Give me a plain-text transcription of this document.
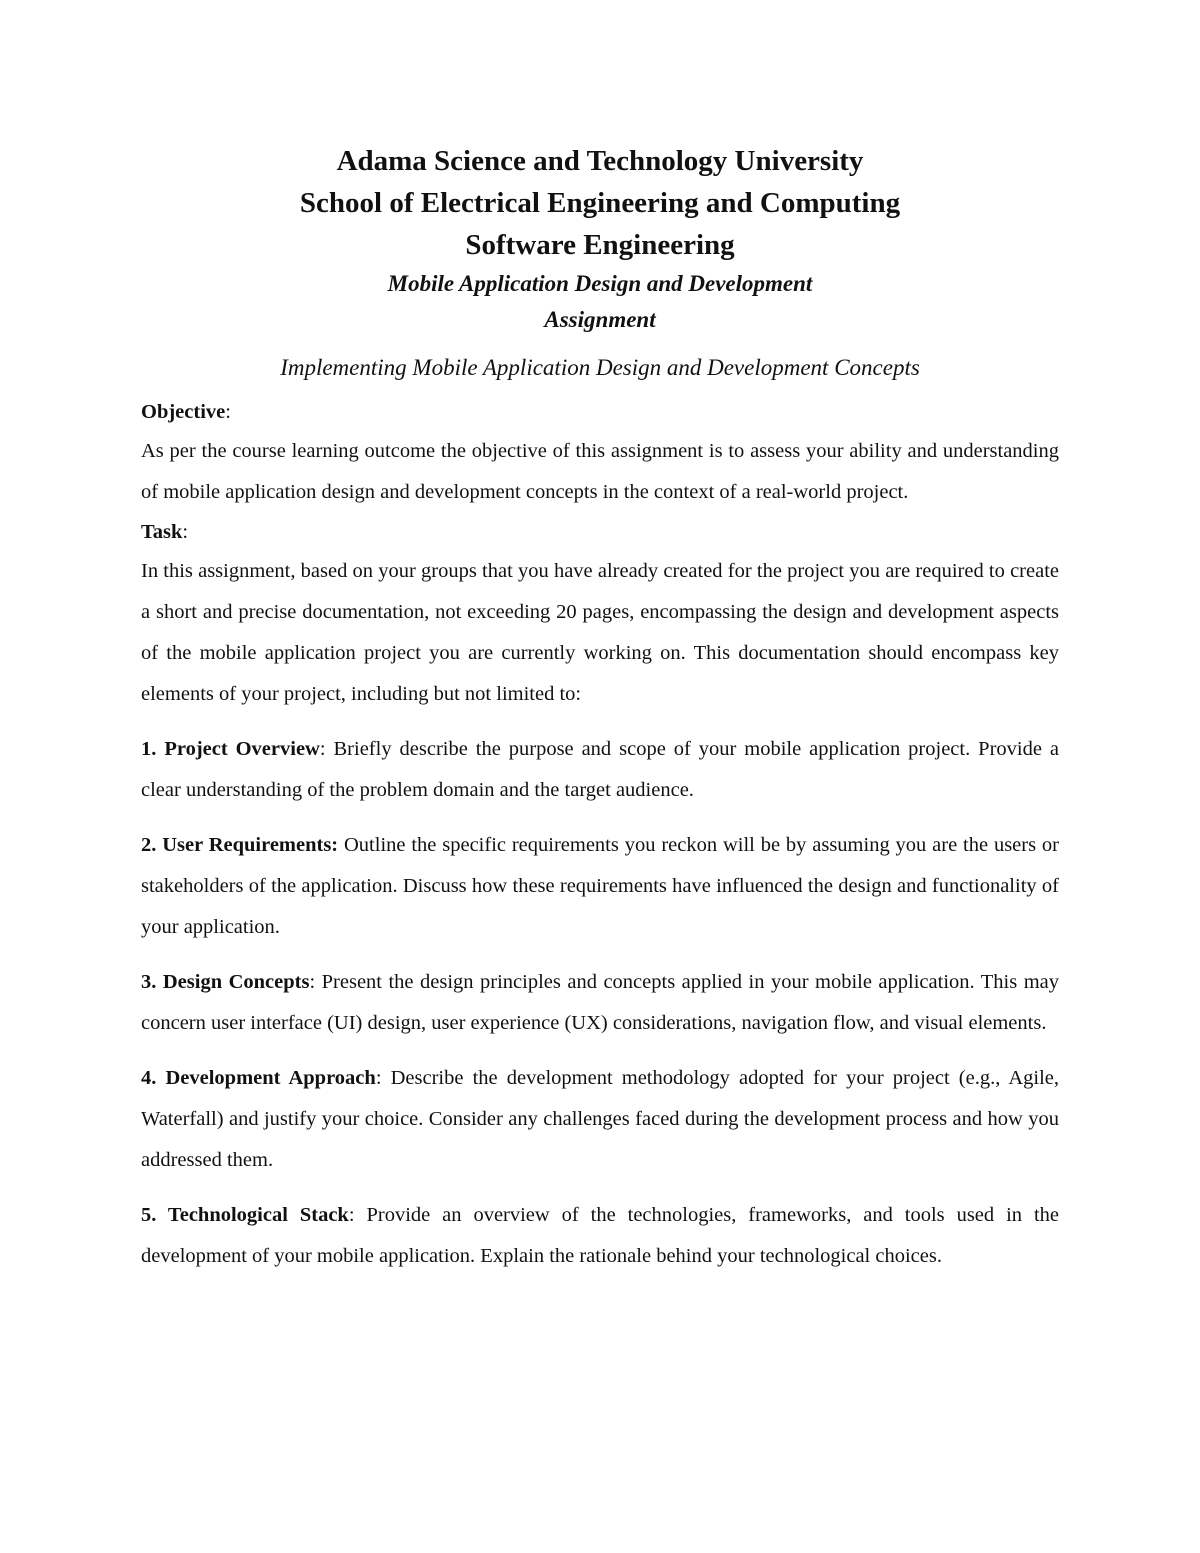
Adama Science and Technology University

School of Electrical Engineering and Computing

Software Engineering

Mobile Application Design and Development

Assignment

Implementing Mobile Application Design and Development Concepts

Objective:

As per the course learning outcome the objective of this assignment is to assess your ability and understanding of mobile application design and development concepts in the context of a real-world project.

Task:

In this assignment, based on your groups that you have already created for the project you are required to create a short and precise documentation, not exceeding 20 pages, encompassing the design and development aspects of the mobile application project you are currently working on. This documentation should encompass key elements of your project, including but not limited to:

1. Project Overview: Briefly describe the purpose and scope of your mobile application project. Provide a clear understanding of the problem domain and the target audience.

2. User Requirements: Outline the specific requirements you reckon will be by assuming you are the users or stakeholders of the application. Discuss how these requirements have influenced the design and functionality of your application.

3. Design Concepts: Present the design principles and concepts applied in your mobile application. This may concern user interface (UI) design, user experience (UX) considerations, navigation flow, and visual elements.

4. Development Approach: Describe the development methodology adopted for your project (e.g., Agile, Waterfall) and justify your choice. Consider any challenges faced during the development process and how you addressed them.

5. Technological Stack: Provide an overview of the technologies, frameworks, and tools used in the development of your mobile application. Explain the rationale behind your technological choices.
